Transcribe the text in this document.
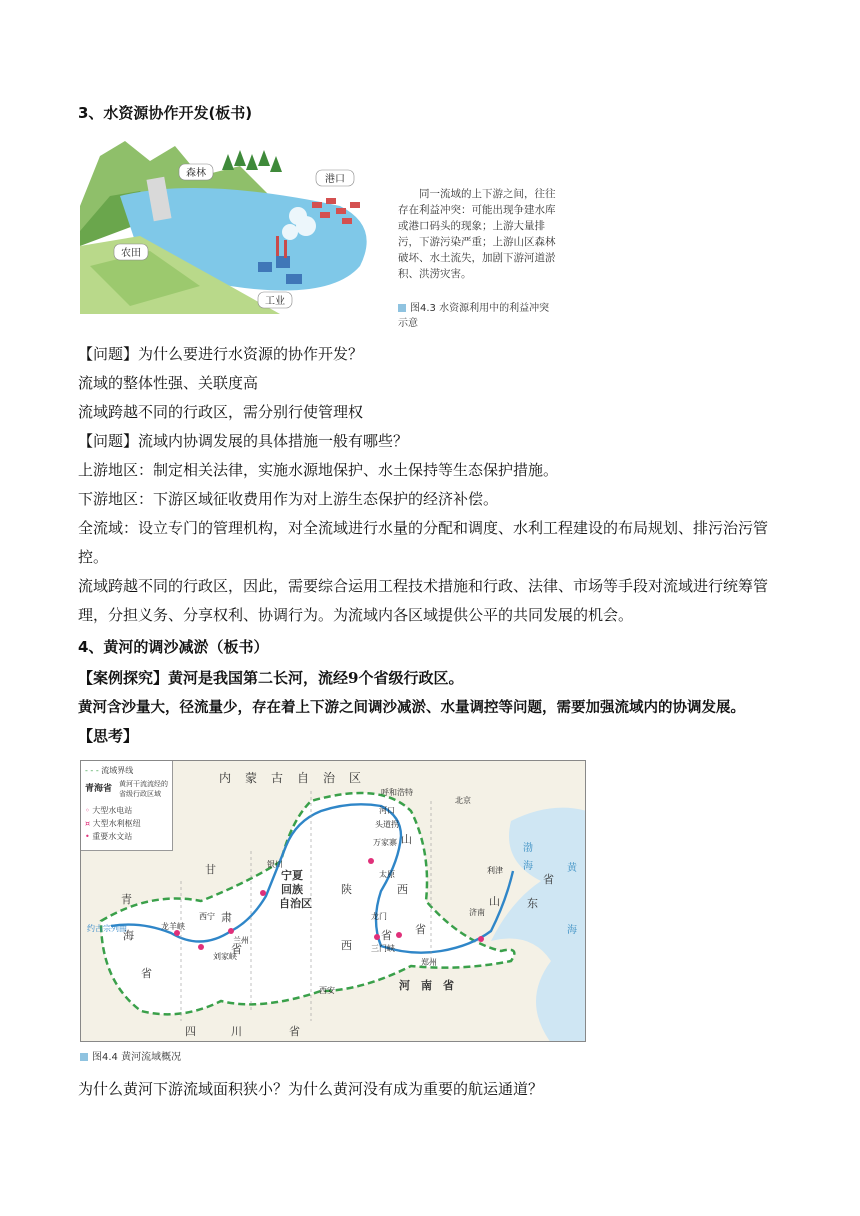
3、水资源协作开发(板书)
森林
港口
农田
工业
同一流域的上下游之间，往往存在利益冲突：可能出现争建水库或港口码头的现象；上游大量排污，下游污染严重；上游山区森林破坏、水土流失，加剧下游河道淤积、洪涝灾害。
图4.3 水资源利用中的利益冲突示意
【问题】为什么要进行水资源的协作开发？
流域的整体性强、关联度高
流域跨越不同的行政区，需分别行使管理权
【问题】流域内协调发展的具体措施一般有哪些？
上游地区：制定相关法律，实施水源地保护、水土保持等生态保护措施。
下游地区：下游区域征收费用作为对上游生态保护的经济补偿。
全流域：设立专门的管理机构，对全流域进行水量的分配和调度、水利工程建设的布局规划、排污治污管控。
流域跨越不同的行政区，因此，需要综合运用工程技术措施和行政、法律、市场等手段对流域进行统筹管理，分担义务、分享权利、协调行为。为流域内各区域提供公平的共同发展的机会。
4、黄河的调沙减淤（板书）
【案例探究】黄河是我国第二长河，流经9个省级行政区。
黄河含沙量大，径流量少，存在着上下游之间调沙减淤、水量调控等问题，需要加强流域内的协调发展。
【思考】
- - - 流域界线
青海省 黄河干流流经的
省级行政区域
◦ 大型水电站
¤ 大型水利枢纽
• 重要水文站
内蒙古自治区
甘
肃
省
青
海
省
宁夏
回族
自治区
陕
西
省
山
西
省
河　南　省
山 东
省
四	川	省
北京
呼和浩特
河口
头道拐
万家寨
太原
龙门
三门峡
郑州
济南
利津
西安
兰州
西宁
银川
龙羊峡
刘家峡
约古宗列曲
渤
海	黄
海
图4.4 黄河流域概况
为什么黄河下游流域面积狭小？为什么黄河没有成为重要的航运通道？
